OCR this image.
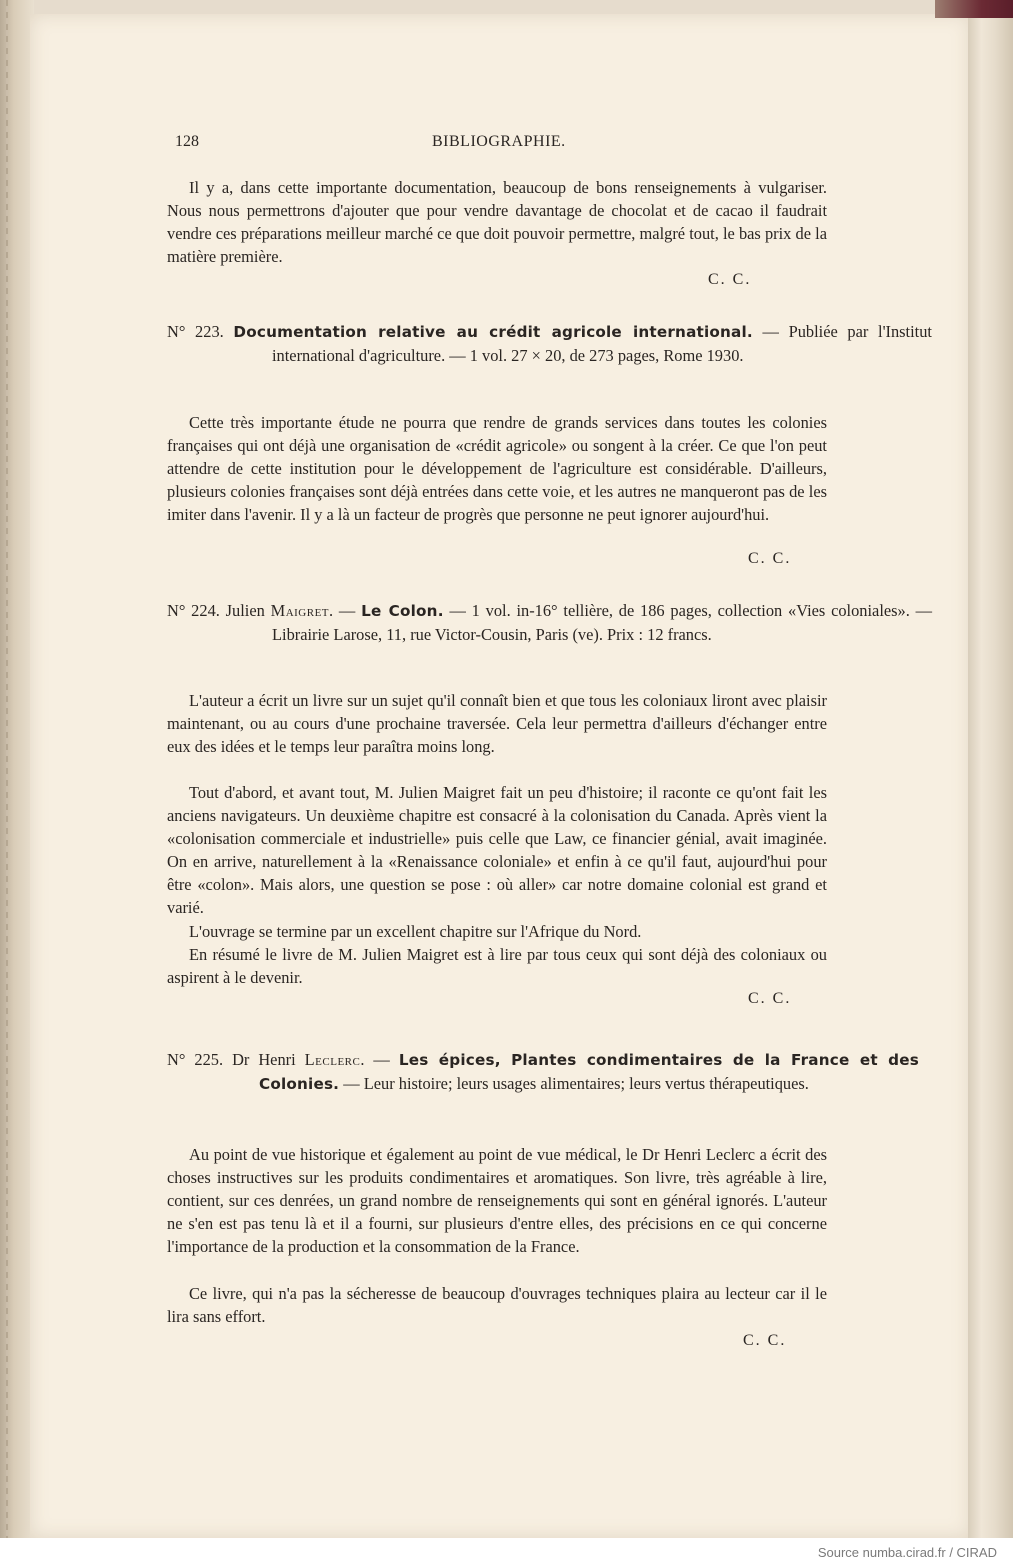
128	BIBLIOGRAPHIE.
Il y a, dans cette importante documentation, beaucoup de bons renseignements à vulgariser. Nous nous permettrons d'ajouter que pour vendre davantage de chocolat et de cacao il faudrait vendre ces préparations meilleur marché ce que doit pouvoir permettre, malgré tout, le bas prix de la matière première.
C. C.
N° 223. Documentation relative au crédit agricole international. — Publiée par l'Institut international d'agriculture. — 1 vol. 27 × 20, de 273 pages, Rome 1930.
Cette très importante étude ne pourra que rendre de grands services dans toutes les colonies françaises qui ont déjà une organisation de «crédit agricole» ou songent à la créer. Ce que l'on peut attendre de cette institution pour le développement de l'agriculture est considérable. D'ailleurs, plusieurs colonies françaises sont déjà entrées dans cette voie, et les autres ne manqueront pas de les imiter dans l'avenir. Il y a là un facteur de progrès que personne ne peut ignorer aujourd'hui.
C. C.
N° 224. Julien Maigret. — Le Colon. — 1 vol. in-16° tellière, de 186 pages, collection «Vies coloniales». — Librairie Larose, 11, rue Victor-Cousin, Paris (ve). Prix : 12 francs.
L'auteur a écrit un livre sur un sujet qu'il connaît bien et que tous les coloniaux liront avec plaisir maintenant, ou au cours d'une prochaine traversée. Cela leur permettra d'ailleurs d'échanger entre eux des idées et le temps leur paraîtra moins long.
Tout d'abord, et avant tout, M. Julien Maigret fait un peu d'histoire; il raconte ce qu'ont fait les anciens navigateurs. Un deuxième chapitre est consacré à la colonisation du Canada. Après vient la «colonisation commerciale et industrielle» puis celle que Law, ce financier génial, avait imaginée. On en arrive, naturellement à la «Renaissance coloniale» et enfin à ce qu'il faut, aujourd'hui pour être «colon». Mais alors, une question se pose : où aller» car notre domaine colonial est grand et varié.
L'ouvrage se termine par un excellent chapitre sur l'Afrique du Nord.
En résumé le livre de M. Julien Maigret est à lire par tous ceux qui sont déjà des coloniaux ou aspirent à le devenir.
C. C.
N° 225. Dr Henri Leclerc. — Les épices, Plantes condimentaires de la France et des Colonies. — Leur histoire; leurs usages alimentaires; leurs vertus thérapeutiques.
Au point de vue historique et également au point de vue médical, le Dr Henri Leclerc a écrit des choses instructives sur les produits condimentaires et aromatiques. Son livre, très agréable à lire, contient, sur ces denrées, un grand nombre de renseignements qui sont en général ignorés. L'auteur ne s'en est pas tenu là et il a fourni, sur plusieurs d'entre elles, des précisions en ce qui concerne l'importance de la production et la consommation de la France.
Ce livre, qui n'a pas la sécheresse de beaucoup d'ouvrages techniques plaira au lecteur car il le lira sans effort.
C. C.
Source numba.cirad.fr / CIRAD
